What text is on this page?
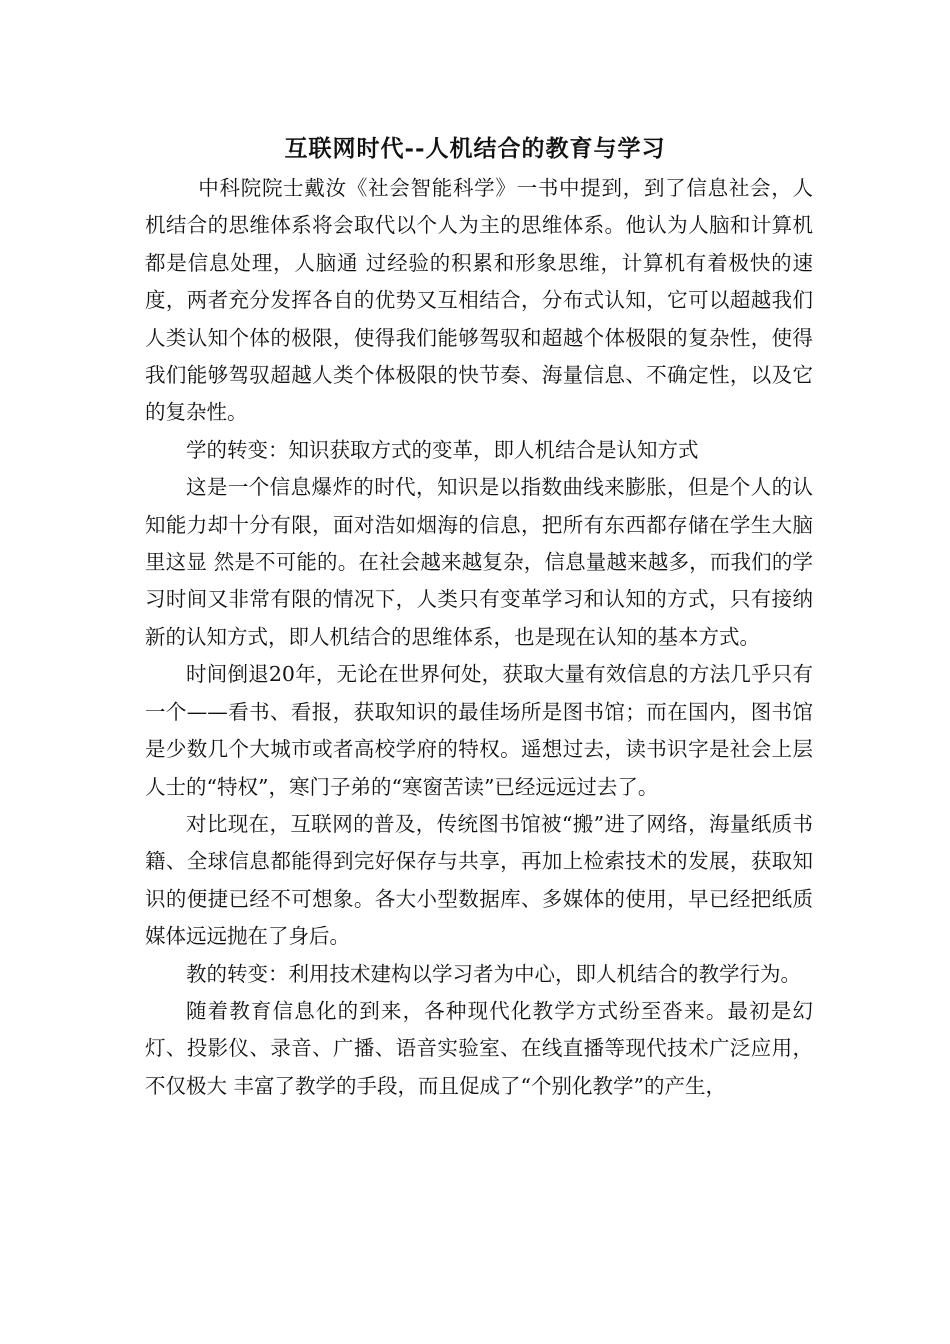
互联网时代--人机结合的教育与学习

中科院院士戴汝《社会智能科学》一书中提到，到了信息社会，人机结合的思维体系将会取代以个人为主的思维体系。他认为人脑和计算机都是信息处理，人脑通 过经验的积累和形象思维，计算机有着极快的速度，两者充分发挥各自的优势又互相结合，分布式认知，它可以超越我们人类认知个体的极限，使得我们能够驾驭和超越个体极限的复杂性，使得我们能够驾驭超越人类个体极限的快节奏、海量信息、不确定性，以及它的复杂性。

学的转变：知识获取方式的变革，即人机结合是认知方式

这是一个信息爆炸的时代，知识是以指数曲线来膨胀，但是个人的认知能力却十分有限，面对浩如烟海的信息，把所有东西都存储在学生大脑里这显 然是不可能的。在社会越来越复杂，信息量越来越多，而我们的学习时间又非常有限的情况下，人类只有变革学习和认知的方式，只有接纳新的认知方式，即人机结合的思维体系，也是现在认知的基本方式。

时间倒退20年，无论在世界何处，获取大量有效信息的方法几乎只有一个——看书、看报，获取知识的最佳场所是图书馆；而在国内，图书馆是少数几个大城市或者高校学府的特权。遥想过去，读书识字是社会上层人士的“特权”，寒门子弟的“寒窗苦读”已经远远过去了。

对比现在，互联网的普及，传统图书馆被“搬”进了网络，海量纸质书籍、全球信息都能得到完好保存与共享，再加上检索技术的发展，获取知识的便捷已经不可想象。各大小型数据库、多媒体的使用，早已经把纸质媒体远远抛在了身后。

教的转变：利用技术建构以学习者为中心，即人机结合的教学行为。

随着教育信息化的到来，各种现代化教学方式纷至沓来。最初是幻灯、投影仪、录音、广播、语音实验室、在线直播等现代技术广泛应用，不仅极大 丰富了教学的手段，而且促成了“个别化教学”的产生，
